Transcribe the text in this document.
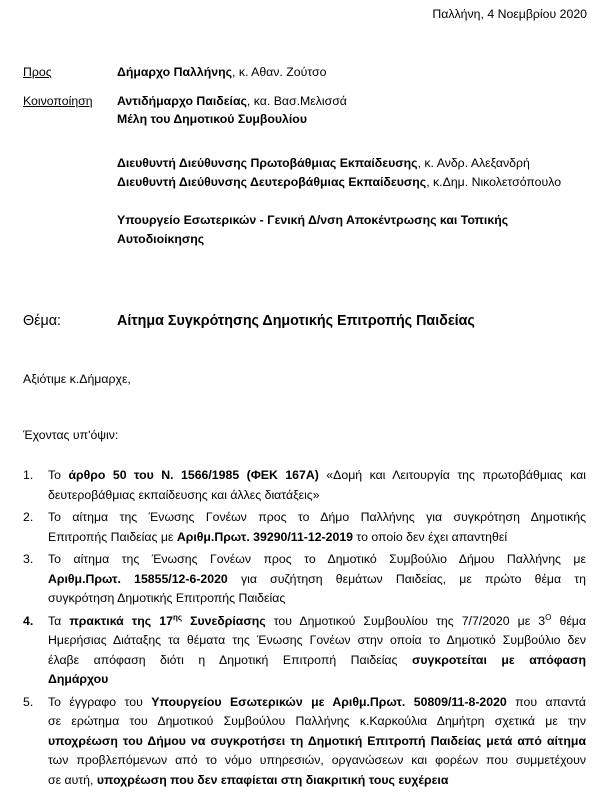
Παλλήνη, 4 Νοεμβρίου 2020
Προς	Δήμαρχο Παλλήνης, κ. Αθαν. Ζούτσο
Κοινοποίηση Αντιδήμαρχο Παιδείας, κα. Βασ.Μελισσά
Μέλη του Δημοτικού Συμβουλίου
Διευθυντή Διεύθυνσης Πρωτοβάθμιας Εκπαίδευσης, κ. Ανδρ. Αλεξανδρή
Διευθυντή Διεύθυνσης Δευτεροβάθμιας Εκπαίδευσης, κ.Δημ. Νικολετσόπουλο
Υπουργείο Εσωτερικών - Γενική Δ/νση Αποκέντρωσης και Τοπικής
Αυτοδιοίκησης
Θέμα:	Αίτημα Συγκρότησης Δημοτικής Επιτροπής Παιδείας
Αξιότιμε κ.Δήμαρχε,
Έχοντας υπ'όψιν:
1. Το άρθρο 50 του Ν. 1566/1985 (ΦΕΚ 167Α) «Δομή και Λειτουργία της πρωτοβάθμιας και
δευτεροβάθμιας εκπαίδευσης και άλλες διατάξεις»
2. Το αίτημα της Ένωσης Γονέων προς το Δήμο Παλλήνης για συγκρότηση Δημοτικής
Επιτροπής Παιδείας με Αριθμ.Πρωτ. 39290/11-12-2019 το οποίο δεν έχει απαντηθεί
3. Το αίτημα της Ένωσης Γονέων προς το Δημοτικό Συμβούλιο Δήμου Παλλήνης με
Αριθμ.Πρωτ. 15855/12-6-2020 για συζήτηση θεμάτων Παιδείας, με πρώτο θέμα τη
συγκρότηση Δημοτικής Επιτροπής Παιδείας
4. Τα πρακτικά της $17^{\eta\varsigma}$ Συνεδρίασης του Δημοτικού Συμβουλίου της 7/7/2020 με $3^O$ θέμα
Ημερήσιας Διάταξης τα θέματα της Ένωσης Γονέων στην οποία το Δημοτικό Συμβούλιο δεν
έλαβε απόφαση διότι η Δημοτική Επιτροπή Παιδείας συγκροτείται με απόφαση
Δημάρχου
5. Το έγγραφο του Υπουργείου Εσωτερικών με Αριθμ.Πρωτ. 50809/11-8-2020 που απαντά
σε ερώτημα του Δημοτικού Συμβούλου Παλλήνης κ.Καρκούλια Δημήτρη σχετικά με την
υποχρέωση του Δήμου να συγκροτήσει τη Δημοτική Επιτροπή Παιδείας μετά από αίτημα
των προβλεπόμενων από το νόμο υπηρεσιών, οργανώσεων και φορέων που συμμετέχουν
σε αυτή, υποχρέωση που δεν επαφίεται στη διακριτική τους ευχέρεια
